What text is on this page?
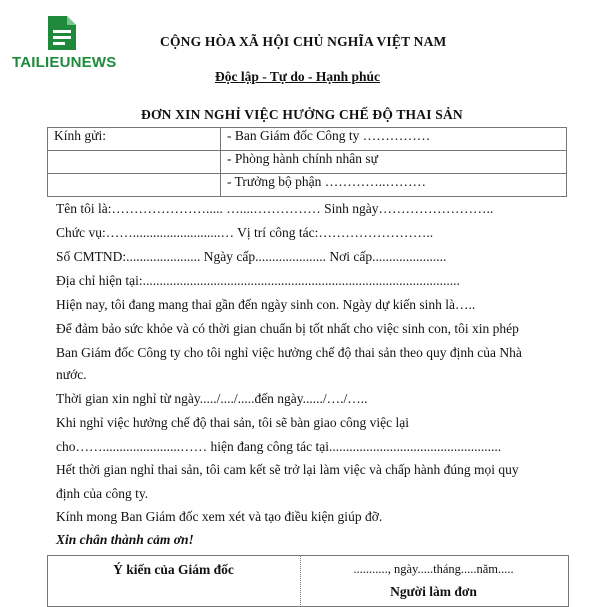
TAILIEUNEWS
CỘNG HÒA XÃ HỘI CHỦ NGHĨA VIỆT NAM
Độc lập - Tự do - Hạnh phúc
ĐƠN XIN NGHỈ VIỆC HƯỞNG CHẾ ĐỘ THAI SẢN
Kính gửi:	- Ban Giám đốc Công ty ……………
	- Phòng hành chính nhân sự
	- Trưởng bộ phận …………..………
Tên tôi là:…………………..... …....…………… Sinh ngày……………………..
Chức vụ:……..........................… Vị trí công tác:……………………..
Số CMTND:...................... Ngày cấp..................... Nơi cấp......................
Địa chỉ hiện tại:..............................................................................................
Hiện nay, tôi đang mang thai gần đến ngày sinh con. Ngày dự kiến sinh là…..
Để đảm bảo sức khỏe và có thời gian chuẩn bị tốt nhất cho việc sinh con, tôi xin phép
Ban Giám đốc Công ty cho tôi nghỉ việc hưởng chế độ thai sản theo quy định của Nhà
nước.
Thời gian xin nghỉ từ ngày...../..../.....đến ngày....../…./…..
Khi nghỉ việc hưởng chế độ thai sản, tôi sẽ bàn giao công việc lại
cho…….......................…… hiện đang công tác tại...................................................
Hết thời gian nghỉ thai sản, tôi cam kết sẽ trở lại làm việc và chấp hành đúng mọi quy
định của công ty.
Kính mong Ban Giám đốc xem xét và tạo điều kiện giúp đỡ.
Xin chân thành cảm ơn!
Ý kiến của Giám đốc	..........., ngày.....tháng.....năm.....
Người làm đơn
